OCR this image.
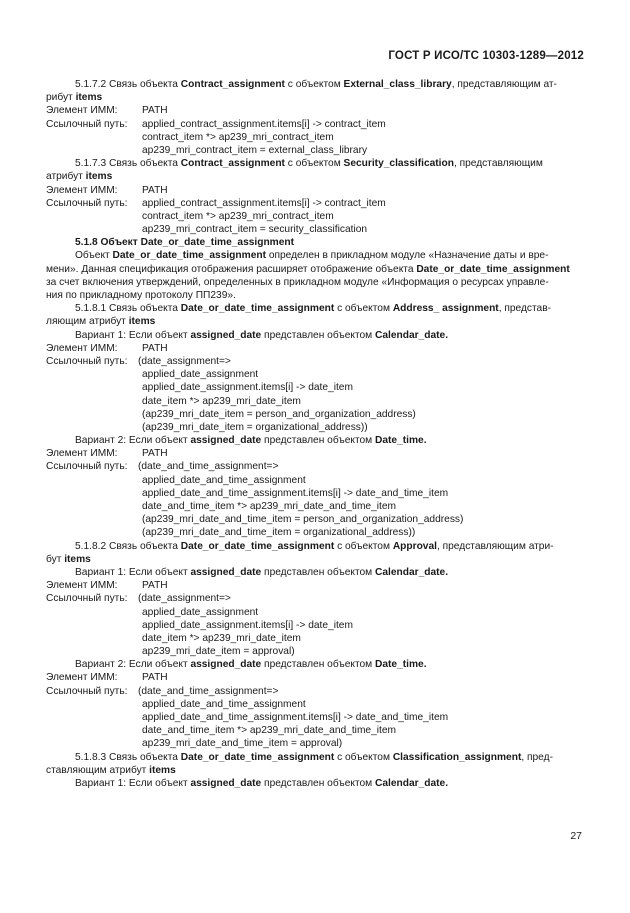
ГОСТ Р ИСО/ТС 10303-1289—2012
5.1.7.2 Связь объекта Contract_assignment с объектом External_class_library, представляющим ат-
рибут items
Элемент ИММ: PATH
Ссылочный путь: applied_contract_assignment.items[i] -> contract_item
contract_item *> ap239_mri_contract_item
ap239_mri_contract_item = external_class_library
5.1.7.3 Связь объекта Contract_assignment с объектом Security_classification, представляющим
атрибут items
Элемент ИММ: PATH
Ссылочный путь: applied_contract_assignment.items[i] -> contract_item
contract_item *> ap239_mri_contract_item
ap239_mri_contract_item = security_classification
5.1.8 Объект Date_or_date_time_assignment
Объект Date_or_date_time_assignment определен в прикладном модуле «Назначение даты и вре-
мени». Данная спецификация отображения расширяет отображение объекта Date_or_date_time_assignment
за счет включения утверждений, определенных в прикладном модуле «Информация о ресурсах управле-
ния по прикладному протоколу ПП239».
5.1.8.1 Связь объекта Date_or_date_time_assignment с объектом Address_ assignment, представ-
ляющим атрибут items
Вариант 1: Если объект assigned_date представлен объектом Calendar_date.
Элемент ИММ: PATH
Ссылочный путь: (date_assignment=>
applied_date_assignment
applied_date_assignment.items[i] -> date_item
date_item *> ap239_mri_date_item
(ap239_mri_date_item = person_and_organization_address)
(ap239_mri_date_item = organizational_address))
Вариант 2: Если объект assigned_date представлен объектом Date_time.
Элемент ИММ: PATH
Ссылочный путь: (date_and_time_assignment=>
applied_date_and_time_assignment
applied_date_and_time_assignment.items[i] -> date_and_time_item
date_and_time_item *> ap239_mri_date_and_time_item
(ap239_mri_date_and_time_item = person_and_organization_address)
(ap239_mri_date_and_time_item = organizational_address))
5.1.8.2 Связь объекта Date_or_date_time_assignment с объектом Approval, представляющим атри-
бут items
Вариант 1: Если объект assigned_date представлен объектом Calendar_date.
Элемент ИММ: PATH
Ссылочный путь: (date_assignment=>
applied_date_assignment
applied_date_assignment.items[i] -> date_item
date_item *> ap239_mri_date_item
ap239_mri_date_item = approval)
Вариант 2: Если объект assigned_date представлен объектом Date_time.
Элемент ИММ: PATH
Ссылочный путь: (date_and_time_assignment=>
applied_date_and_time_assignment
applied_date_and_time_assignment.items[i] -> date_and_time_item
date_and_time_item *> ap239_mri_date_and_time_item
ap239_mri_date_and_time_item = approval)
5.1.8.3 Связь объекта Date_or_date_time_assignment с объектом Classification_assignment, пред-
ставляющим атрибут items
Вариант 1: Если объект assigned_date представлен объектом Calendar_date.
27
